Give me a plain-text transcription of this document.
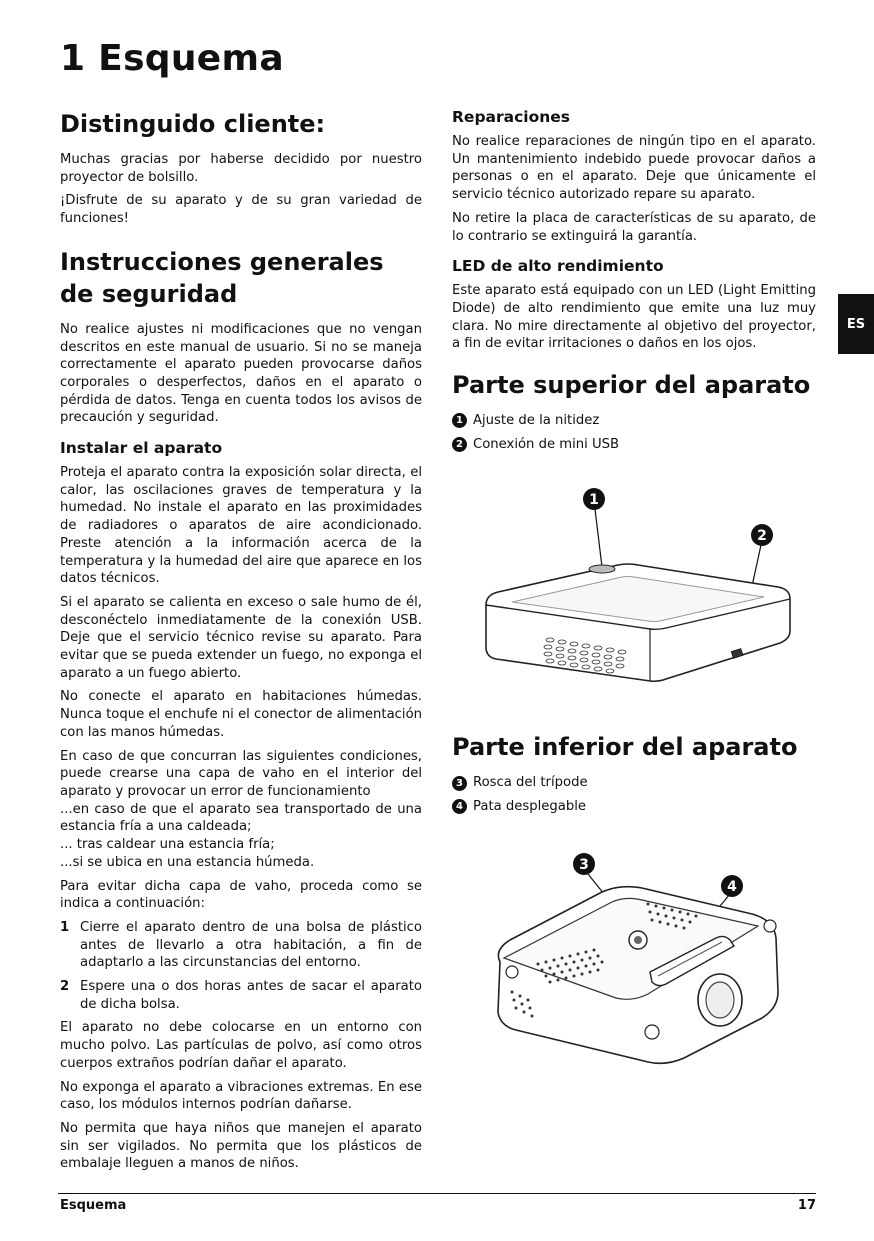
1 Esquema
Distinguido cliente:

Muchas gracias por haberse decidido por nuestro proyector de bolsillo.

¡Disfrute de su aparato y de su gran variedad de funciones!

Instrucciones generales de seguridad

No realice ajustes ni modificaciones que no vengan descritos en este manual de usuario. Si no se maneja correctamente el aparato pueden provocarse daños corporales o desperfectos, daños en el aparato o pérdida de datos. Tenga en cuenta todos los avisos de precaución y seguridad.

Instalar el aparato

Proteja el aparato contra la exposición solar directa, el calor, las oscilaciones graves de temperatura y la humedad. No instale el aparato en las proximidades de radiadores o aparatos de aire acondicionado. Preste atención a la información acerca de la temperatura y la humedad del aire que aparece en los datos técnicos.

Si el aparato se calienta en exceso o sale humo de él, desconéctelo inmediatamente de la conexión USB. Deje que el servicio técnico revise su aparato. Para evitar que se pueda extender un fuego, no exponga el aparato a un fuego abierto.

No conecte el aparato en habitaciones húmedas. Nunca toque el enchufe ni el conector de alimentación con las manos húmedas.

En caso de que concurran las siguientes condiciones, puede crearse una capa de vaho en el interior del aparato y provocar un error de funcionamiento

...en caso de que el aparato sea transportado de una estancia fría a una caldeada;

... tras caldear una estancia fría;

...si se ubica en una estancia húmeda.

Para evitar dicha capa de vaho, proceda como se indica a continuación:

1 Cierre el aparato dentro de una bolsa de plástico antes de llevarlo a otra habitación, a fin de adaptarlo a las circunstancias del entorno.
2 Espere una o dos horas antes de sacar el aparato de dicha bolsa.

El aparato no debe colocarse en un entorno con mucho polvo. Las partículas de polvo, así como otros cuerpos extraños podrían dañar el aparato.

No exponga el aparato a vibraciones extremas. En ese caso, los módulos internos podrían dañarse.

No permita que haya niños que manejen el aparato sin ser vigilados. No permita que los plásticos de embalaje lleguen a manos de niños.

Reparaciones

No realice reparaciones de ningún tipo en el aparato. Un mantenimiento indebido puede provocar daños a personas o en el aparato. Deje que únicamente el servicio técnico autorizado repare su aparato.

No retire la placa de características de su aparato, de lo contrario se extinguirá la garantía.

LED de alto rendimiento

Este aparato está equipado con un LED (Light Emitting Diode) de alto rendimiento que emite una luz muy clara. No mire directamente al objetivo del proyector, a fin de evitar irritaciones o daños en los ojos.

Parte superior del aparato
1 Ajuste de la nitidez
2 Conexión de mini USB
1
2
Parte inferior del aparato
3 Rosca del trípode
4 Pata desplegable
3
4
ES
Esquema	17
